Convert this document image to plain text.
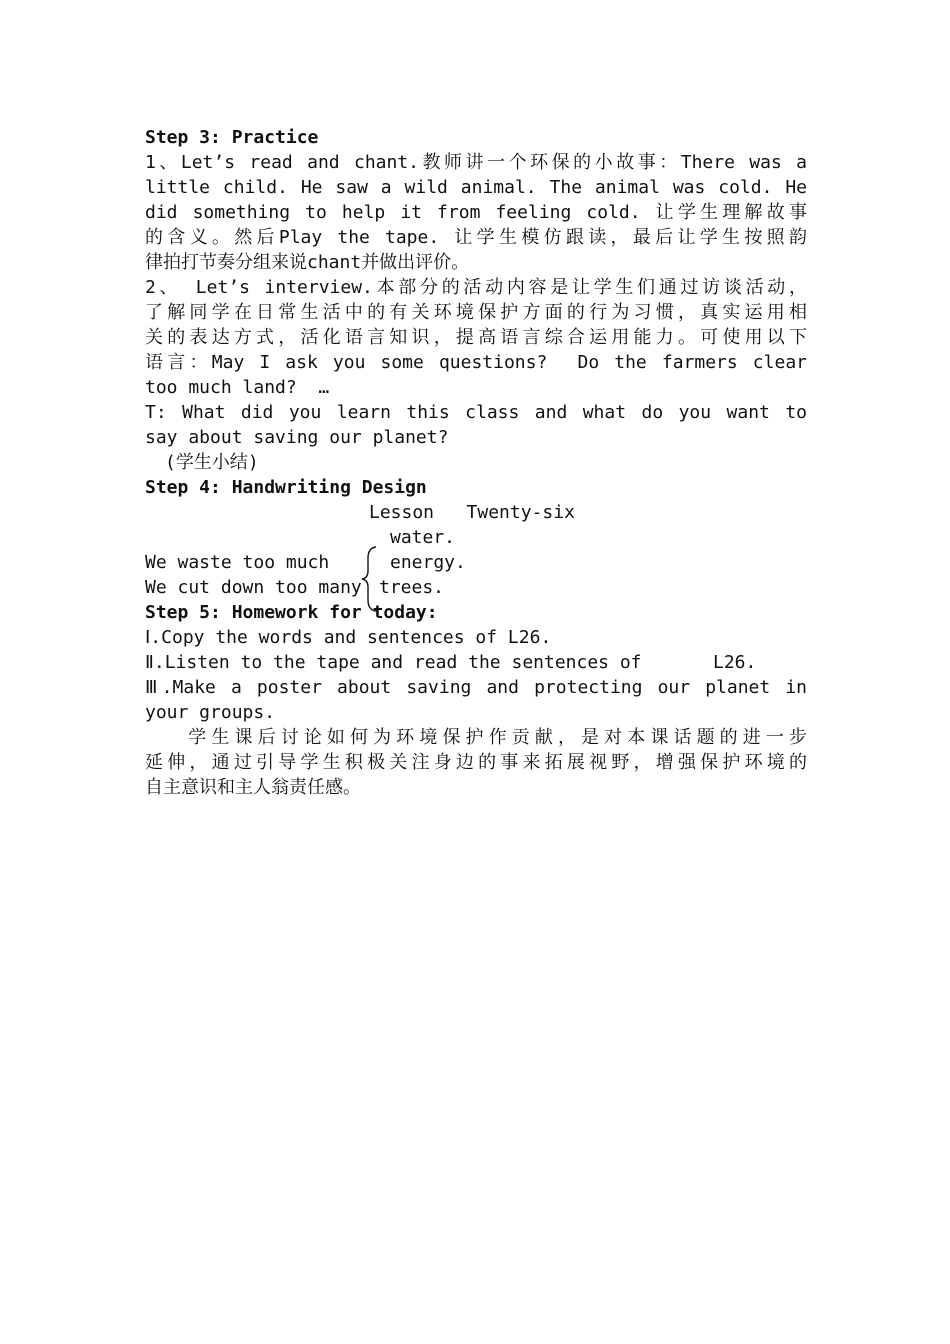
Step 3: Practice
1、Let’s read and chant.教师讲一个环保的小故事：There was a
little child. He saw a wild animal. The animal was cold. He
did something to help it from feeling cold. 让学生理解故事
的含义。然后Play the tape. 让学生模仿跟读，最后让学生按照韵
律拍打节奏分组来说chant并做出评价。
2、 Let’s interview.本部分的活动内容是让学生们通过访谈活动，
了解同学在日常生活中的有关环境保护方面的行为习惯，真实运用相
关的表达方式，活化语言知识，提高语言综合运用能力。可使用以下
语言：May I ask you some questions?  Do the farmers clear
too much land?  …
T: What did you learn this class and what do you want to
say about saving our planet?
(学生小结)
Step 4: Handwriting Design
Lesson   Twenty-six
water.
We waste too much	energy.
We cut down too many trees.
Step 5: Homework for today:
Ⅰ.Copy the words and sentences of L26.
Ⅱ.Listen to the tape and read the sentences of	L26.
Ⅲ.Make a poster about saving and protecting our planet in
your groups.
学生课后讨论如何为环境保护作贡献，是对本课话题的进一步
延伸，通过引导学生积极关注身边的事来拓展视野，增强保护环境的
自主意识和主人翁责任感。
